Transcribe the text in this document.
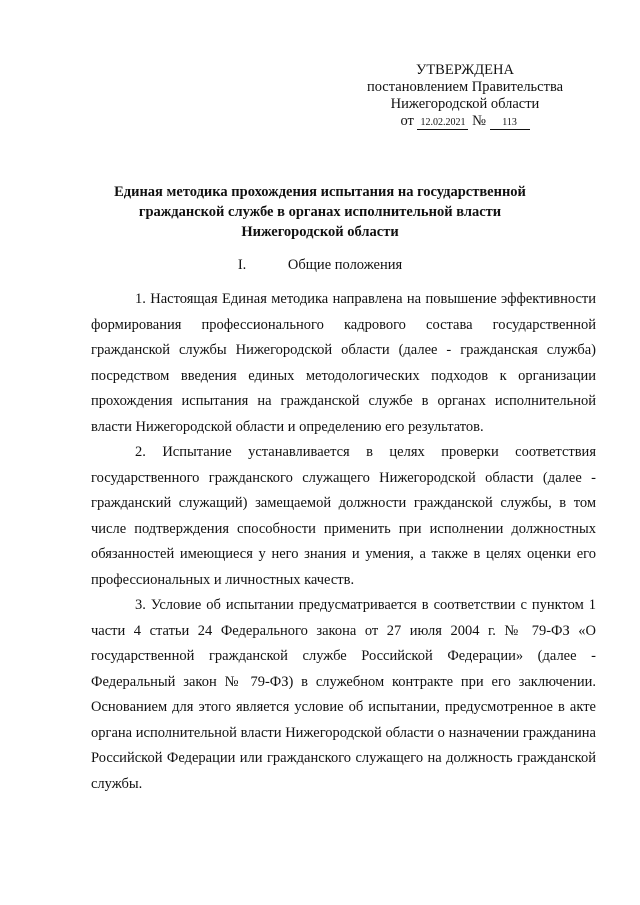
УТВЕРЖДЕНА
постановлением Правительства
Нижегородской области
от 12.02.2021 № 113
Единая методика прохождения испытания на государственной
гражданской службе в органах исполнительной власти
Нижегородской области
I.	Общие положения

1. Настоящая Единая методика направлена на повышение эффективности формирования профессионального кадрового состава государственной гражданской службы Нижегородской области (далее - гражданская служба) посредством введения единых методологических подходов к организации прохождения испытания на гражданской службе в органах исполнительной власти Нижегородской области и определению его результатов.

2. Испытание устанавливается в целях проверки соответствия государственного гражданского служащего Нижегородской области (далее - гражданский служащий) замещаемой должности гражданской службы, в том числе подтверждения способности применить при исполнении должностных обязанностей имеющиеся у него знания и умения, а также в целях оценки его профессиональных и личностных качеств.

3. Условие об испытании предусматривается в соответствии с пунктом 1 части 4 статьи 24 Федерального закона от 27 июля 2004 г. № 79-ФЗ «О государственной гражданской службе Российской Федерации» (далее - Федеральный закон № 79-ФЗ) в служебном контракте при его заключении. Основанием для этого является условие об испытании, предусмотренное в акте органа исполнительной власти Нижегородской области о назначении гражданина Российской Федерации или гражданского служащего на должность гражданской службы.
